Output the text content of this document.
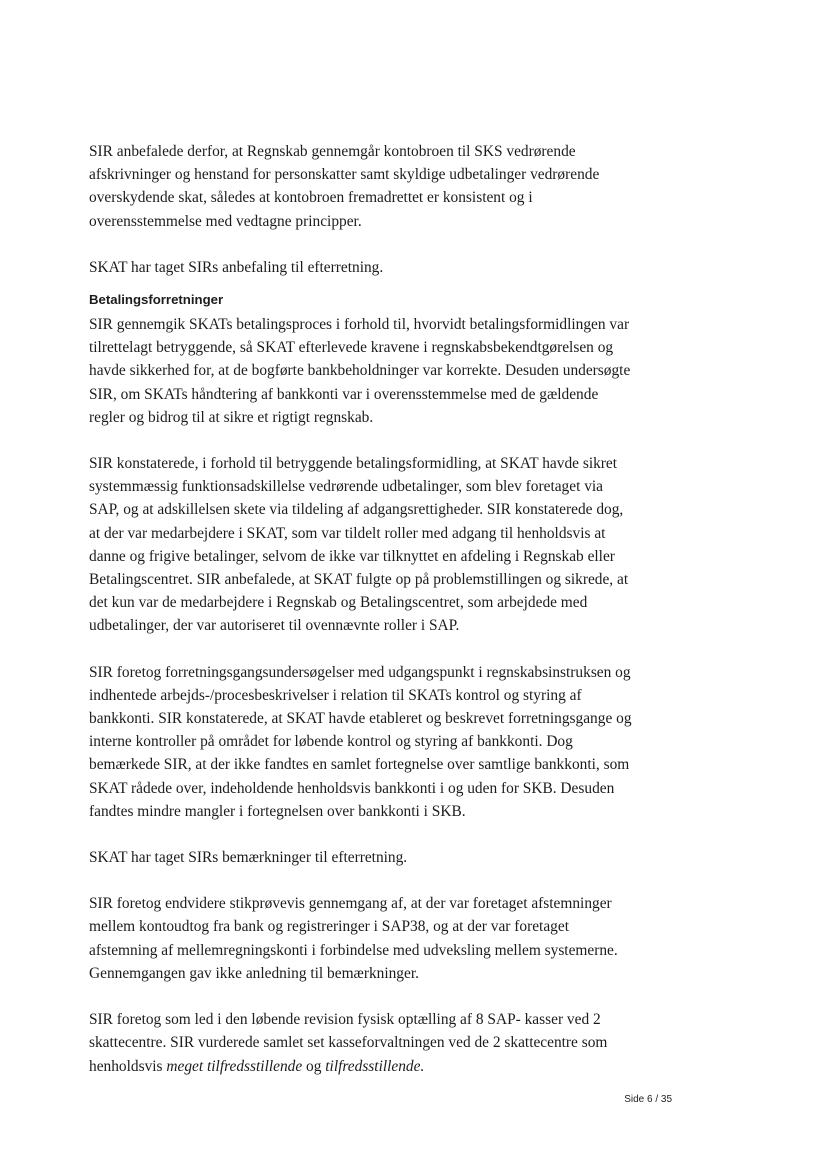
SIR anbefalede derfor, at Regnskab gennemgår kontobroen til SKS vedrørende afskrivninger og henstand for personskatter samt skyldige udbetalinger vedrørende overskydende skat, således at kontobroen fremadrettet er konsistent og i overensstemmelse med vedtagne principper.

SKAT har taget SIRs anbefaling til efterretning.

Betalingsforretninger

SIR gennemgik SKATs betalingsproces i forhold til, hvorvidt betalingsformidlingen var tilrettelagt betryggende, så SKAT efterlevede kravene i regnskabsbekendtgørelsen og havde sikkerhed for, at de bogførte bankbeholdninger var korrekte. Desuden undersøgte SIR, om SKATs håndtering af bankkonti var i overensstemmelse med de gældende regler og bidrog til at sikre et rigtigt regnskab.

SIR konstaterede, i forhold til betryggende betalingsformidling, at SKAT havde sikret systemmæssig funktionsadskillelse vedrørende udbetalinger, som blev foretaget via SAP, og at adskillelsen skete via tildeling af adgangsrettigheder. SIR konstaterede dog, at der var medarbejdere i SKAT, som var tildelt roller med adgang til henholdsvis at danne og frigive betalinger, selvom de ikke var tilknyttet en afdeling i Regnskab eller Betalingscentret. SIR anbefalede, at SKAT fulgte op på problemstillingen og sikrede, at det kun var de medarbejdere i Regnskab og Betalingscentret, som arbejdede med udbetalinger, der var autoriseret til ovennævnte roller i SAP.

SIR foretog forretningsgangsundersøgelser med udgangspunkt i regnskabsinstruksen og indhentede arbejds-/procesbeskrivelser i relation til SKATs kontrol og styring af bankkonti. SIR konstaterede, at SKAT havde etableret og beskrevet forretningsgange og interne kontroller på området for løbende kontrol og styring af bankkonti. Dog bemærkede SIR, at der ikke fandtes en samlet fortegnelse over samtlige bankkonti, som SKAT rådede over, indeholdende henholdsvis bankkonti i og uden for SKB. Desuden fandtes mindre mangler i fortegnelsen over bankkonti i SKB.

SKAT har taget SIRs bemærkninger til efterretning.

SIR foretog endvidere stikprøvevis gennemgang af, at der var foretaget afstemninger mellem kontoudtog fra bank og registreringer i SAP38, og at der var foretaget afstemning af mellemregningskonti i forbindelse med udveksling mellem systemerne. Gennemgangen gav ikke anledning til bemærkninger.

SIR foretog som led i den løbende revision fysisk optælling af 8 SAP- kasser ved 2 skattecentre. SIR vurderede samlet set kasseforvaltningen ved de 2 skattecentre som henholdsvis meget tilfredsstillende og tilfredsstillende.

Side 6 / 35
